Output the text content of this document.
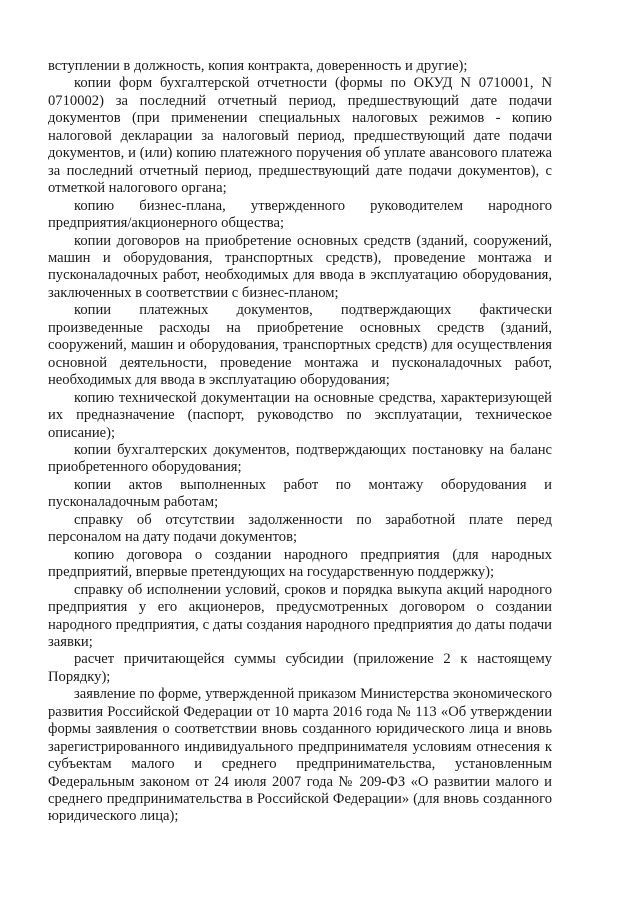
вступлении в должность, копия контракта, доверенность и другие);

копии форм бухгалтерской отчетности (формы по ОКУД N 0710001, N 0710002) за последний отчетный период, предшествующий дате подачи документов (при применении специальных налоговых режимов - копию налоговой декларации за налоговый период, предшествующий дате подачи документов, и (или) копию платежного поручения об уплате авансового платежа за последний отчетный период, предшествующий дате подачи документов), с отметкой налогового органа;

копию бизнес-плана, утвержденного руководителем народного предприятия/акционерного общества;

копии договоров на приобретение основных средств (зданий, сооружений, машин и оборудования, транспортных средств), проведение монтажа и пусконаладочных работ, необходимых для ввода в эксплуатацию оборудования, заключенных в соответствии с бизнес-планом;

копии платежных документов, подтверждающих фактически произведенные расходы на приобретение основных средств (зданий, сооружений, машин и оборудования, транспортных средств) для осуществления основной деятельности, проведение монтажа и пусконаладочных работ, необходимых для ввода в эксплуатацию оборудования;

копию технической документации на основные средства, характеризующей их предназначение (паспорт, руководство по эксплуатации, техническое описание);

копии бухгалтерских документов, подтверждающих постановку на баланс приобретенного оборудования;

копии актов выполненных работ по монтажу оборудования и пусконаладочным работам;

справку об отсутствии задолженности по заработной плате перед персоналом на дату подачи документов;

копию договора о создании народного предприятия (для народных предприятий, впервые претендующих на государственную поддержку);

справку об исполнении условий, сроков и порядка выкупа акций народного предприятия у его акционеров, предусмотренных договором о создании народного предприятия, с даты создания народного предприятия до даты подачи заявки;

расчет причитающейся суммы субсидии (приложение 2 к настоящему Порядку);

заявление по форме, утвержденной приказом Министерства экономического развития Российской Федерации от 10 марта 2016 года № 113 «Об утверждении формы заявления о соответствии вновь созданного юридического лица и вновь зарегистрированного индивидуального предпринимателя условиям отнесения к субъектам малого и среднего предпринимательства, установленным Федеральным законом от 24 июля 2007 года № 209-ФЗ «О развитии малого и среднего предпринимательства в Российской Федерации» (для вновь созданного юридического лица);
